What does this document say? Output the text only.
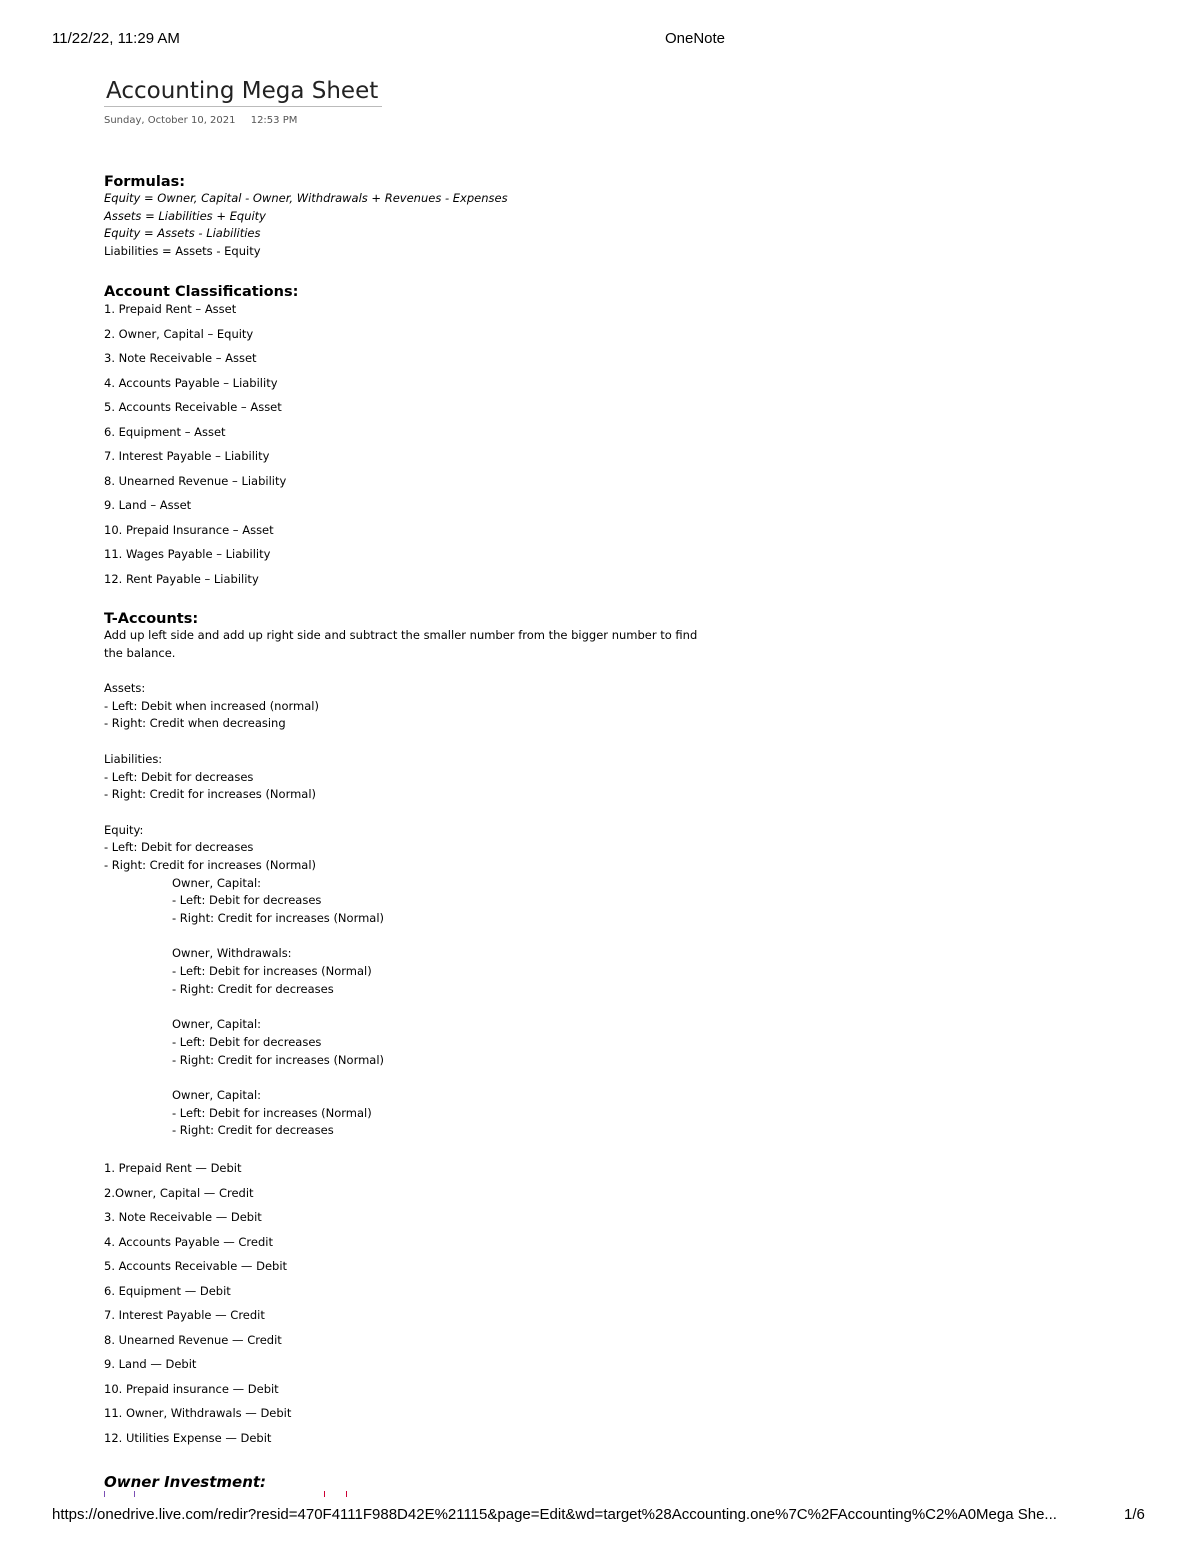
11/22/22, 11:29 AM	OneNote
Accounting Mega Sheet
Sunday, October 10, 2021 12:53 PM
Formulas:
Equity = Owner, Capital - Owner, Withdrawals + Revenues - Expenses
Assets = Liabilities + Equity
Equity = Assets - Liabilities
Liabilities = Assets - Equity
Account Classifications:
1. Prepaid Rent – Asset
2. Owner, Capital – Equity
3. Note Receivable – Asset
4. Accounts Payable – Liability
5. Accounts Receivable – Asset
6. Equipment – Asset
7. Interest Payable – Liability
8. Unearned Revenue – Liability
9. Land – Asset
10. Prepaid Insurance – Asset
11. Wages Payable – Liability
12. Rent Payable – Liability
T-Accounts:
Add up left side and add up right side and subtract the smaller number from the bigger number to find
the balance.
Assets:
- Left: Debit when increased (normal)
- Right: Credit when decreasing
Liabilities:
- Left: Debit for decreases
- Right: Credit for increases (Normal)
Equity:
- Left: Debit for decreases
- Right: Credit for increases (Normal)
Owner, Capital:
- Left: Debit for decreases
- Right: Credit for increases (Normal)
Owner, Withdrawals:
- Left: Debit for increases (Normal)
- Right: Credit for decreases
Owner, Capital:
- Left: Debit for decreases
- Right: Credit for increases (Normal)
Owner, Capital:
- Left: Debit for increases (Normal)
- Right: Credit for decreases
1. Prepaid Rent — Debit
2.Owner, Capital — Credit
3. Note Receivable — Debit
4. Accounts Payable — Credit
5. Accounts Receivable — Debit
6. Equipment — Debit
7. Interest Payable — Credit
8. Unearned Revenue — Credit
9. Land — Debit
10. Prepaid insurance — Debit
11. Owner, Withdrawals — Debit
12. Utilities Expense — Debit
Owner Investment:

https://onedrive.live.com/redir?resid=470F4111F988D42E%21115&page=Edit&wd=target%28Accounting.one%7C%2FAccounting%C2%A0Mega She...	1/6
